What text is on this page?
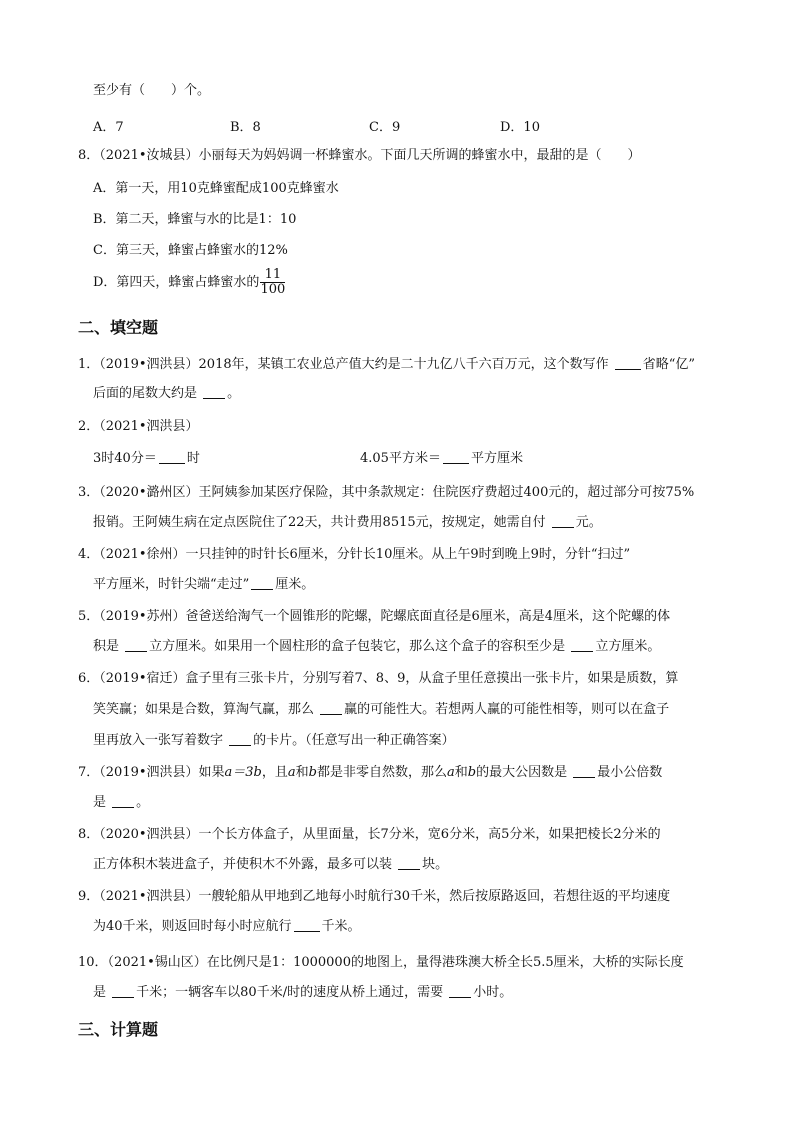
至少有（　　）个。
A．7	B．8	C．9	D．10
8．（2021•汝城县）小丽每天为妈妈调一杯蜂蜜水。下面几天所调的蜂蜜水中，最甜的是（　　）
A．第一天，用10克蜂蜜配成100克蜂蜜水
B．第二天，蜂蜜与水的比是1：10
C．第三天，蜂蜜占蜂蜜水的12%
D．第四天，蜂蜜占蜂蜜水的 $\frac{11}{100}$
二、填空题
1．（2019•泗洪县）2018年，某镇工农业总产值大约是二十九亿八千六百万元，这个数写作	省略“亿”
后面的尾数大约是 。
2．（2021•泗洪县）
3时40分＝ 时	4.05平方米＝ 平方厘米
3．（2020•潞州区）王阿姨参加某医疗保险，其中条款规定：住院医疗费超过400元的，超过部分可按75%
报销。王阿姨生病在定点医院住了22天，共计费用8515元，按规定，她需自付 元。
4．（2021•徐州）一只挂钟的时针长6厘米，分针长10厘米。从上午9时到晚上9时，分针“扫过”
平方厘米，时针尖端“走过” 厘米。
5．（2019•苏州）爸爸送给淘气一个圆锥形的陀螺，陀螺底面直径是6厘米，高是4厘米，这个陀螺的体
积是 立方厘米。如果用一个圆柱形的盒子包装它，那么这个盒子的容积至少是 立方厘米。
6．（2019•宿迁）盒子里有三张卡片，分别写着7、8、9，从盒子里任意摸出一张卡片，如果是质数，算
笑笑赢；如果是合数，算淘气赢，那么 赢的可能性大。若想两人赢的可能性相等，则可以在盒子
里再放入一张写着数字 的卡片。（任意写出一种正确答案）
7．（2019•泗洪县）如果a＝3b，且a和b都是非零自然数，那么a和b的最大公因数是 最小公倍数
是 。
8．（2020•泗洪县）一个长方体盒子，从里面量，长7分米，宽6分米，高5分米，如果把棱长2分米的
正方体积木装进盒子，并使积木不外露，最多可以装 块。
9．（2021•泗洪县）一艘轮船从甲地到乙地每小时航行30千米，然后按原路返回，若想往返的平均速度
为40千米，则返回时每小时应航行 千米。
10．（2021•锡山区）在比例尺是1：1000000的地图上，量得港珠澳大桥全长5.5厘米，大桥的实际长度
是 千米；一辆客车以80千米/时的速度从桥上通过，需要 小时。
三、计算题
